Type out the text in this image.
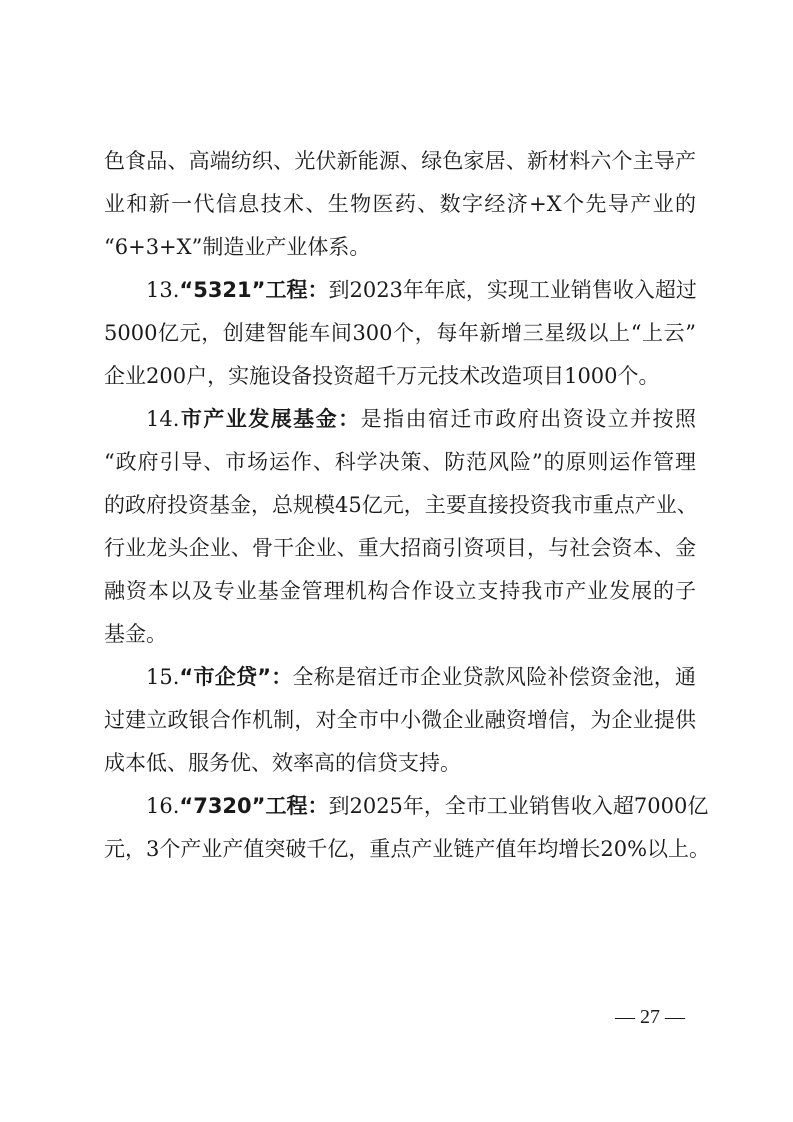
色食品、高端纺织、光伏新能源、绿色家居、新材料六个主导产
业和新一代信息技术、生物医药、数字经济+X个先导产业的
“6+3+X”制造业产业体系。
13.“5321”工程：到2023年年底，实现工业销售收入超过
5000亿元，创建智能车间300个，每年新增三星级以上“上云”
企业200户，实施设备投资超千万元技术改造项目1000个。
14.市产业发展基金：是指由宿迁市政府出资设立并按照
“政府引导、市场运作、科学决策、防范风险”的原则运作管理
的政府投资基金，总规模45亿元，主要直接投资我市重点产业、
行业龙头企业、骨干企业、重大招商引资项目，与社会资本、金
融资本以及专业基金管理机构合作设立支持我市产业发展的子
基金。
15.“市企贷”：全称是宿迁市企业贷款风险补偿资金池，通
过建立政银合作机制，对全市中小微企业融资增信，为企业提供
成本低、服务优、效率高的信贷支持。
16.“7320”工程：到2025年，全市工业销售收入超7000亿
元，3个产业产值突破千亿，重点产业链产值年均增长20%以上。
— 27 —
